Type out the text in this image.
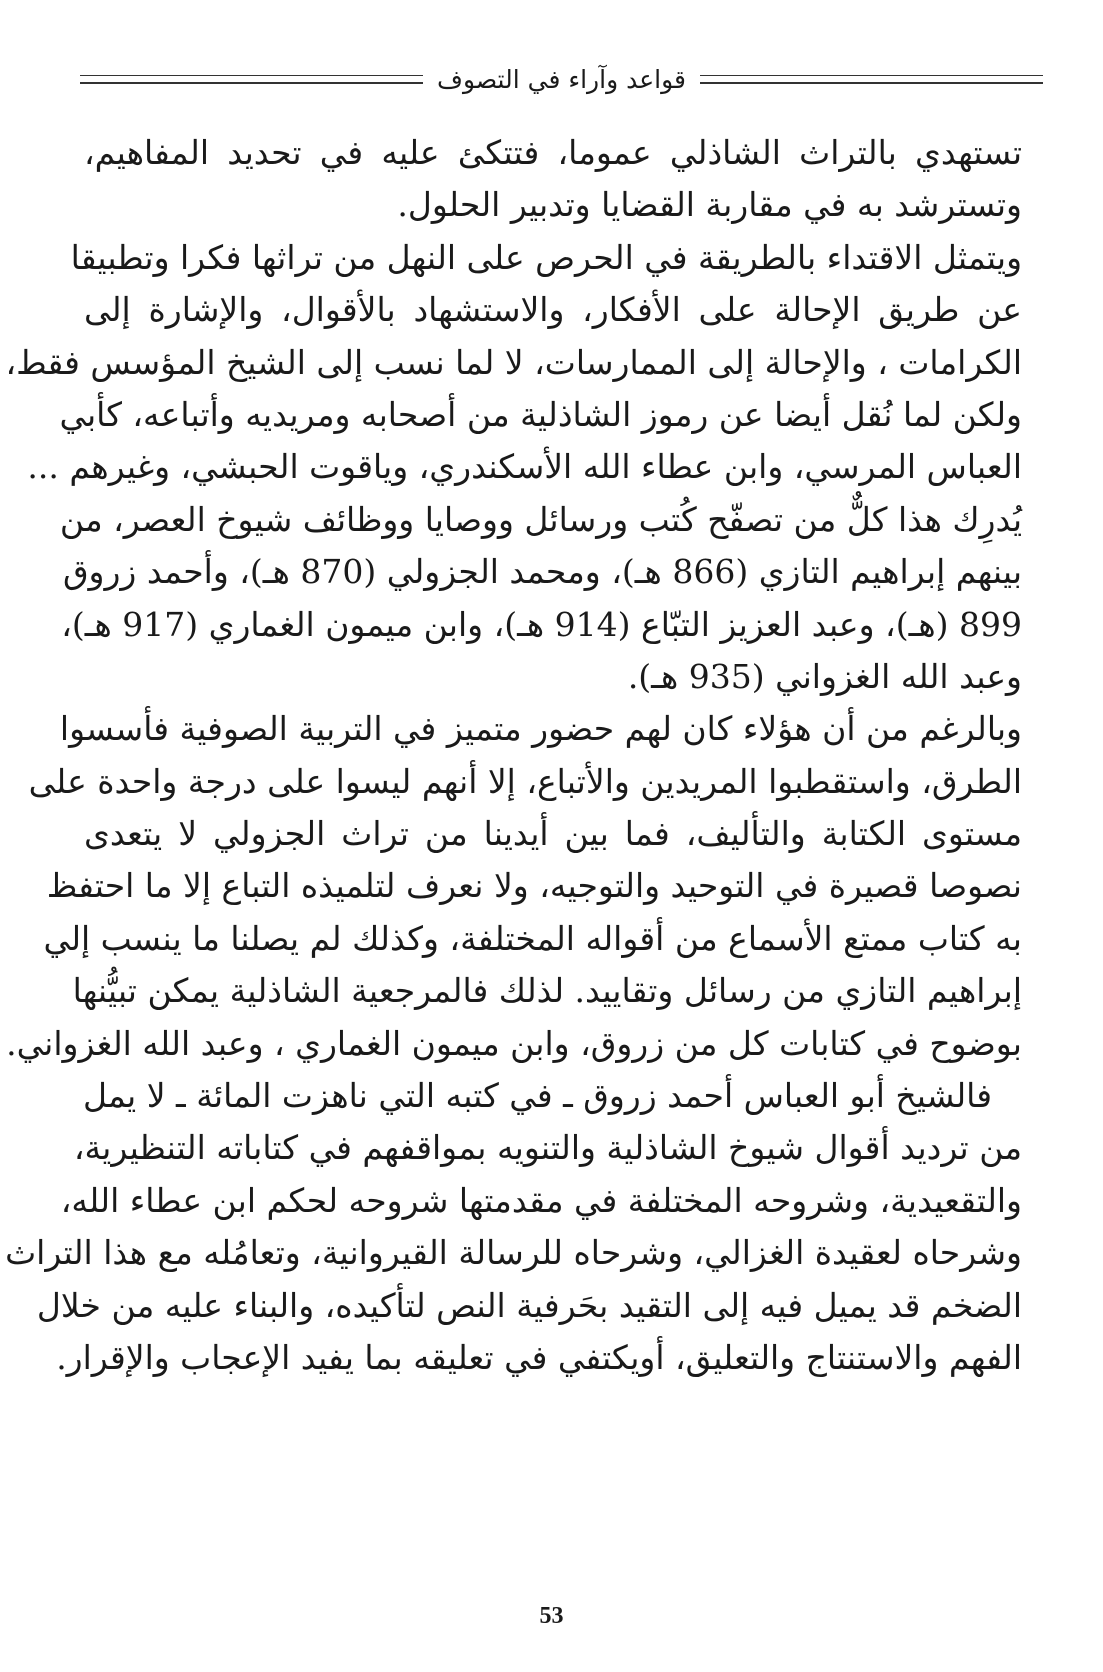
قواعد وآراء في التصوف
تستهدي بالتراث الشاذلي عموما، فتتكئ عليه في تحديد المفاهيم،
وتسترشد به في مقاربة القضايا وتدبير الحلول.
ويتمثل الاقتداء بالطريقة في الحرص على النهل من تراثها فكرا وتطبيقا
عن طريق الإحالة على الأفكار، والاستشهاد بالأقوال، والإشارة إلى
الكرامات ، والإحالة إلى الممارسات، لا لما نسب إلى الشيخ المؤسس فقط،
ولكن لما نُقل أيضا عن رموز الشاذلية من أصحابه ومريديه وأتباعه، كأبي
العباس المرسي، وابن عطاء الله الأسكندري، وياقوت الحبشي، وغيرهم ...
يُدرِك هذا كلٌّ من تصفّح كُتب ورسائل ووصايا ووظائف شيوخ العصر، من
بينهم إبراهيم التازي (866 هـ)، ومحمد الجزولي (870 هـ)، وأحمد زروق
899 (هـ)، وعبد العزيز التبّاع (914 هـ)، وابن ميمون الغماري (917 هـ)،
وعبد الله الغزواني (935 هـ).
وبالرغم من أن هؤلاء كان لهم حضور متميز في التربية الصوفية فأسسوا
الطرق، واستقطبوا المريدين والأتباع، إلا أنهم ليسوا على درجة واحدة على
مستوى الكتابة والتأليف، فما بين أيدينا من تراث الجزولي لا يتعدى
نصوصا قصيرة في التوحيد والتوجيه، ولا نعرف لتلميذه التباع إلا ما احتفظ
به كتاب ممتع الأسماع من أقواله المختلفة، وكذلك لم يصلنا ما ينسب إلي
إبراهيم التازي من رسائل وتقاييد. لذلك فالمرجعية الشاذلية يمكن تبيُّنها
بوضوح في كتابات كل من زروق، وابن ميمون الغماري ، وعبد الله الغزواني.
فالشيخ أبو العباس أحمد زروق ـ في كتبه التي ناهزت المائة ـ لا يمل
من ترديد أقوال شيوخ الشاذلية والتنويه بمواقفهم في كتاباته التنظيرية،
والتقعيدية، وشروحه المختلفة في مقدمتها شروحه لحكم ابن عطاء الله،
وشرحاه لعقيدة الغزالي، وشرحاه للرسالة القيروانية، وتعامُله مع هذا التراث
الضخم قد يميل فيه إلى التقيد بحَرفية النص لتأكيده، والبناء عليه من خلال
الفهم والاستنتاج والتعليق، أويكتفي في تعليقه بما يفيد الإعجاب والإقرار.
53
